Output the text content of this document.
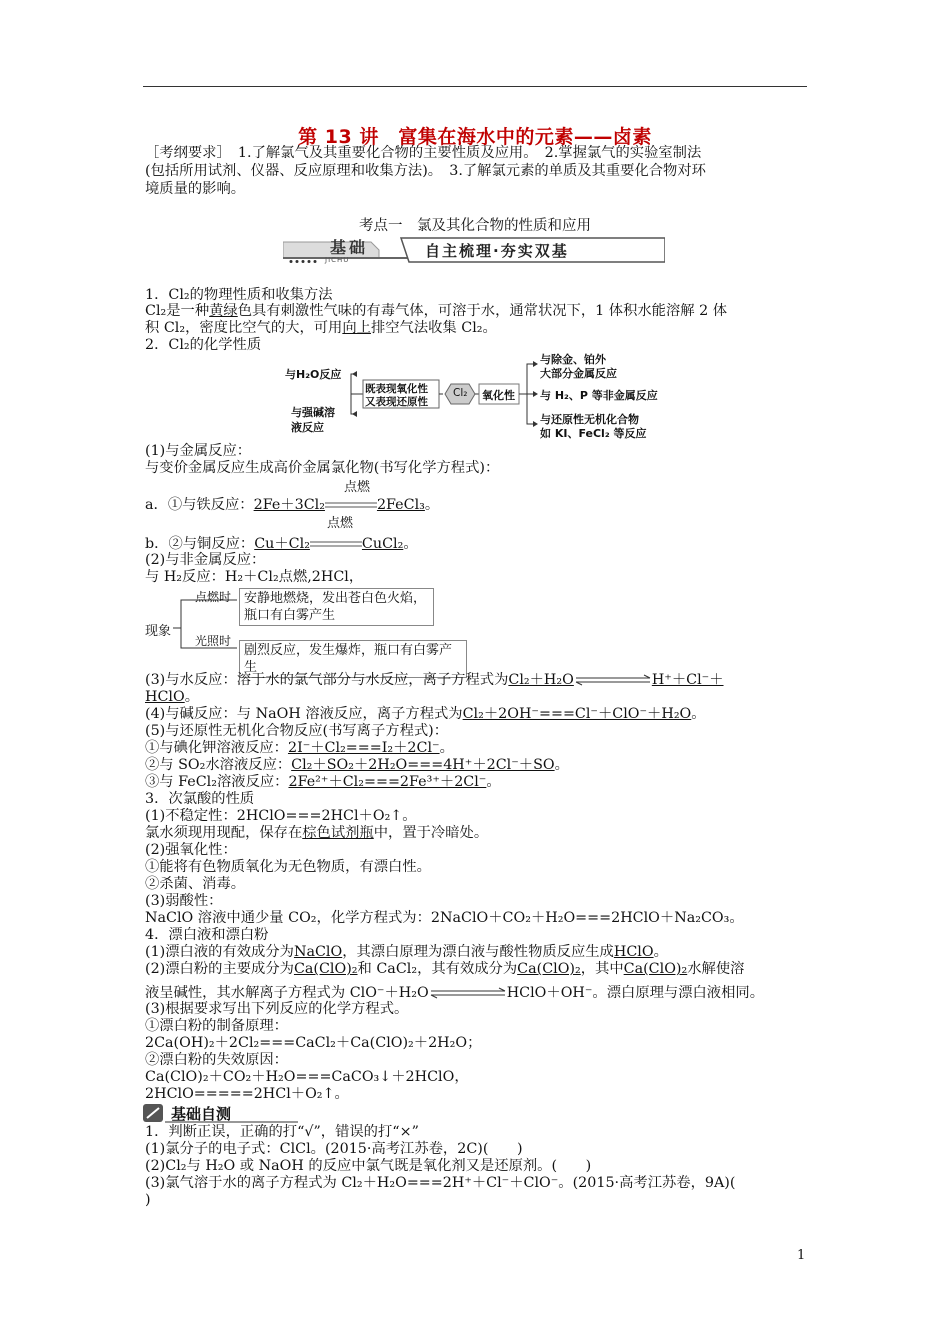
第 13 讲　富集在海水中的元素——卤素
［考纲要求］　1.了解氯气及其重要化合物的主要性质及应用。　2.掌握氯气的实验室制法
(包括所用试剂、仪器、反应原理和收集方法)。　3.了解氯元素的单质及其重要化合物对环
境质量的影响。
考点一　氯及其化合物的性质和应用
基础
JICHU	自主梳理·夯实双基
1．Cl₂的物理性质和收集方法
Cl₂是一种黄绿色具有刺激性气味的有毒气体，可溶于水，通常状况下，1 体积水能溶解 2 体
积 Cl₂，密度比空气的大，可用向上排空气法收集 Cl₂。
2．Cl₂的化学性质
与H₂O反应
与强碱溶
液反应
既表现氧化性
又表现还原性
Cl₂ 氧化性
与除金、铂外
大部分金属反应
与 H₂、P 等非金属反应
与还原性无机化合物
如 KI、FeCl₂ 等反应
(1)与金属反应：
与变价金属反应生成高价金属氯化物(书写化学方程式)：
点燃
a．①与铁反应：2Fe＋3Cl₂	2FeCl₃。
点燃
b．②与铜反应：Cu＋Cl₂	CuCl₂。
(2)与非金属反应：
与 H₂反应：H₂＋Cl₂点燃,2HCl，
现象
点燃时 安静地燃烧，发出苍白色火焰，
瓶口有白雾产生
光照时
剧烈反应，发生爆炸，瓶口有白雾产生
(3)与水反应：溶于水的氯气部分与水反应，离子方程式为Cl₂＋H₂O⇌ H⁺＋Cl⁻＋
HClO。
(4)与碱反应：与 NaOH 溶液反应，离子方程式为Cl₂＋2OH⁻===Cl⁻＋ClO⁻＋H₂O。
(5)与还原性无机化合物反应(书写离子方程式)：
①与碘化钾溶液反应：2I⁻＋Cl₂===I₂＋2Cl⁻。
②与 SO₂水溶液反应：Cl₂＋SO₂＋2H₂O===4H⁺＋2Cl⁻＋SO。
③与 FeCl₂溶液反应：2Fe²⁺＋Cl₂===2Fe³⁺＋2Cl⁻。
3．次氯酸的性质
(1)不稳定性：2HClO===2HCl＋O₂↑。
氯水须现用现配，保存在棕色试剂瓶中，置于冷暗处。
(2)强氧化性：
①能将有色物质氧化为无色物质，有漂白性。
②杀菌、消毒。
(3)弱酸性：
NaClO 溶液中通少量 CO₂，化学方程式为：2NaClO＋CO₂＋H₂O===2HClO＋Na₂CO₃。
4．漂白液和漂白粉
(1)漂白液的有效成分为NaClO，其漂白原理为漂白液与酸性物质反应生成HClO。
(2)漂白粉的主要成分为Ca(ClO)₂和 CaCl₂，其有效成分为Ca(ClO)₂，其中Ca(ClO)₂水解使溶
液呈碱性，其水解离子方程式为 ClO⁻＋H₂O	HClO＋OH⁻。漂白原理与漂白液相同。
(3)根据要求写出下列反应的化学方程式。
①漂白粉的制备原理：
2Ca(OH)₂＋2Cl₂===CaCl₂＋Ca(ClO)₂＋2H₂O；
②漂白粉的失效原因：
Ca(ClO)₂＋CO₂＋H₂O===CaCO₃↓＋2HClO，
2HClO=====2HCl＋O₂↑。
基础自测
1．判断正误，正确的打“√”，错误的打“×”
(1)氯分子的电子式：ClCl。(2015·高考江苏卷，2C)(　　)
(2)Cl₂与 H₂O 或 NaOH 的反应中氯气既是氧化剂又是还原剂。(　　)
(3)氯气溶于水的离子方程式为 Cl₂＋H₂O===2H⁺＋Cl⁻＋ClO⁻。(2015·高考江苏卷，9A)(
)
1
